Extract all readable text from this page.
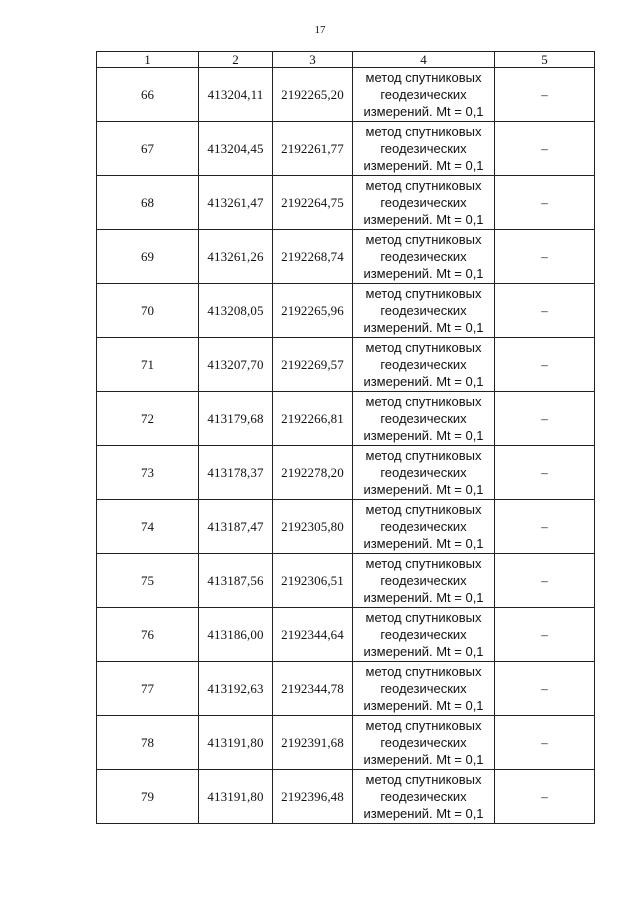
17
1	2	3	4	5
66	413204,11	2192265,20	метод спутниковых
геодезических
измерений. Mt = 0,1	–
67	413204,45	2192261,77	метод спутниковых
геодезических
измерений. Mt = 0,1	–
68	413261,47	2192264,75	метод спутниковых
геодезических
измерений. Mt = 0,1	–
69	413261,26	2192268,74	метод спутниковых
геодезических
измерений. Mt = 0,1	–
70	413208,05	2192265,96	метод спутниковых
геодезических
измерений. Mt = 0,1	–
71	413207,70	2192269,57	метод спутниковых
геодезических
измерений. Mt = 0,1	–
72	413179,68	2192266,81	метод спутниковых
геодезических
измерений. Mt = 0,1	–
73	413178,37	2192278,20	метод спутниковых
геодезических
измерений. Mt = 0,1	–
74	413187,47	2192305,80	метод спутниковых
геодезических
измерений. Mt = 0,1	–
75	413187,56	2192306,51	метод спутниковых
геодезических
измерений. Mt = 0,1	–
76	413186,00	2192344,64	метод спутниковых
геодезических
измерений. Mt = 0,1	–
77	413192,63	2192344,78	метод спутниковых
геодезических
измерений. Mt = 0,1	–
78	413191,80	2192391,68	метод спутниковых
геодезических
измерений. Mt = 0,1	–
79	413191,80	2192396,48	метод спутниковых
геодезических
измерений. Mt = 0,1	–
